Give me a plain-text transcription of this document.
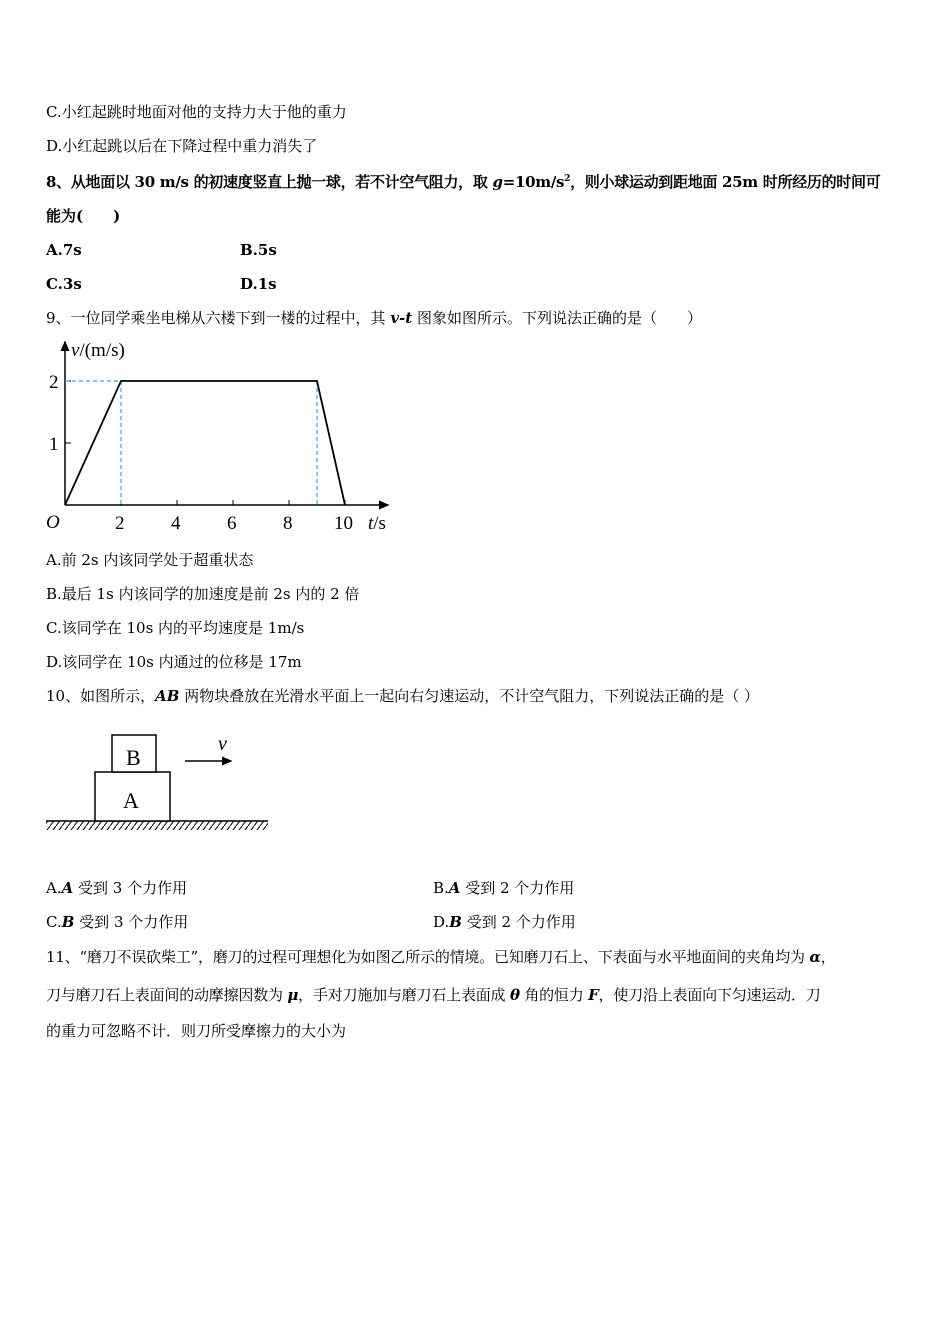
C.小红起跳时地面对他的支持力大于他的重力
D.小红起跳以后在下降过程中重力消失了
8、从地面以 30 m/s 的初速度竖直上抛一球，若不计空气阻力，取 $g=10m/s^2$，则小球运动到距地面 25m 时所经历的时间可
能为(　　)
A.7s	B.5s
C.3s	D.1s
9、一位同学乘坐电梯从六楼下到一楼的过程中，其 v-t 图象如图所示。下列说法正确的是（　　）
v/(m/s)
2
1
O	2 4 6 8 10 t/s
A.前 2s 内该同学处于超重状态
B.最后 1s 内该同学的加速度是前 2s 内的 2 倍
C.该同学在 10s 内的平均速度是 1m/s
D.该同学在 10s 内通过的位移是 17m
10、如图所示，AB 两物块叠放在光滑水平面上一起向右匀速运动，不计空气阻力，下列说法正确的是（ ）
B
A
v
A.A 受到 3 个力作用	B.A 受到 2 个力作用
C.B 受到 3 个力作用	D.B 受到 2 个力作用
11、“磨刀不误砍柴工”，磨刀的过程可理想化为如图乙所示的情境。已知磨刀石上、下表面与水平地面间的夹角均为 α，
刀与磨刀石上表面间的动摩擦因数为 μ，手对刀施加与磨刀石上表面成 θ 角的恒力 F，使刀沿上表面向下匀速运动．刀
的重力可忽略不计．则刀所受摩擦力的大小为
